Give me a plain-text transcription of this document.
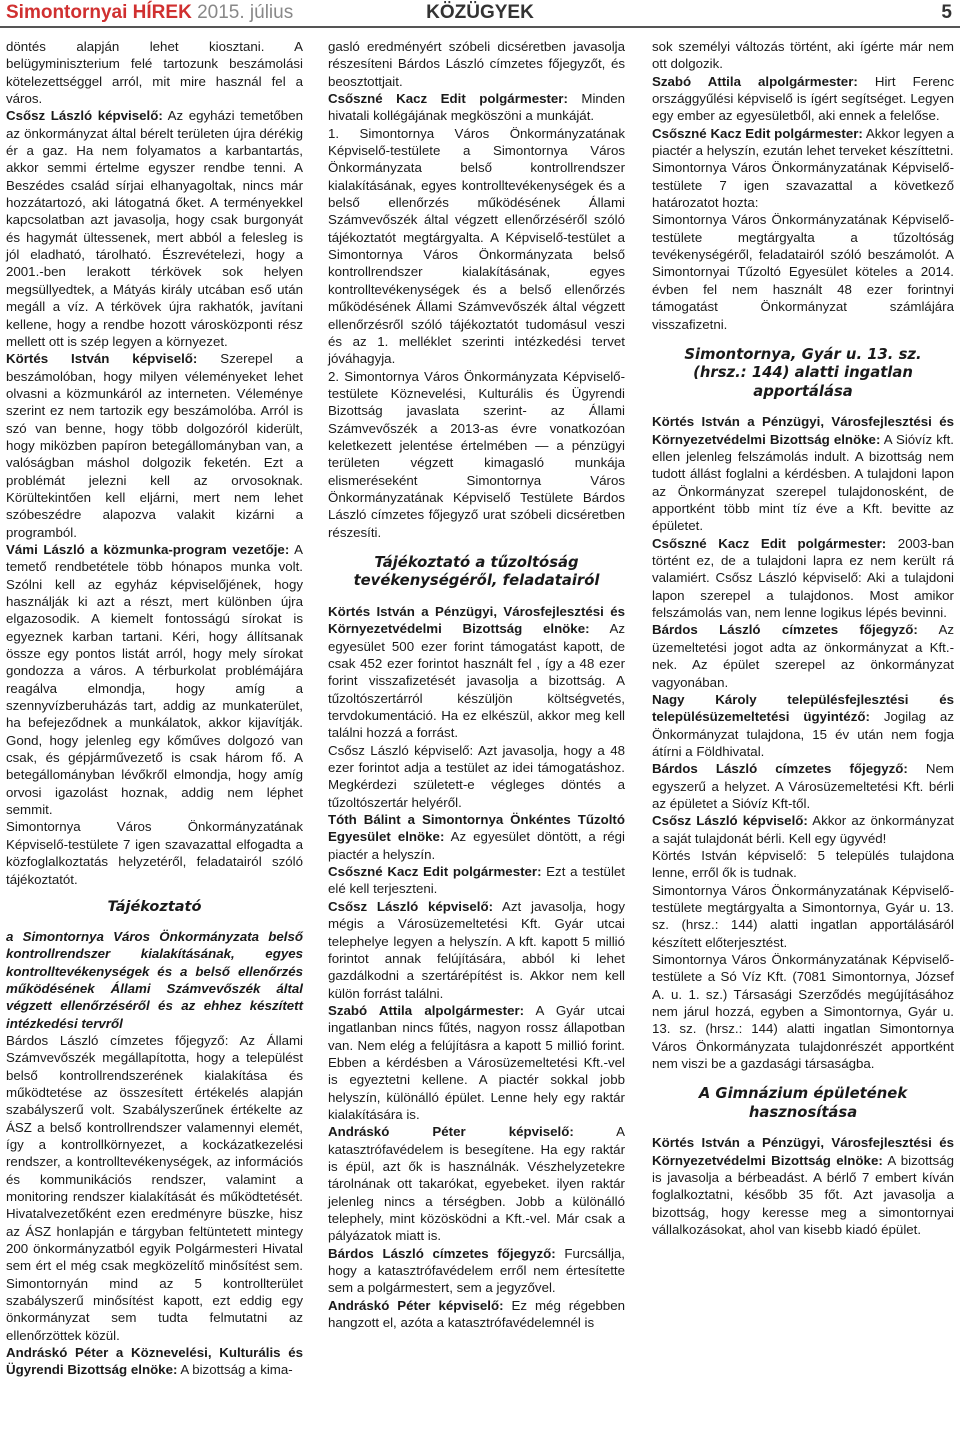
Simontornyai HÍREK 2015. július	KÖZÜGYEK	5

döntés alapján lehet kiosztani. A belügyminiszterium felé tartozunk beszámolási kötelezettséggel arról, mit mire használ fel a város.

Csősz László képviselő: Az egyházi temetőben az önkormányzat által bérelt területen újra dérékig ér a gaz. Ha nem folyamatos a karbantartás, akkor semmi értelme egyszer rendbe tenni. A Beszédes család sírjai elhanyagoltak, nincs már hozzátartozó, aki látogatná őket. A terményekkel kapcsolatban azt javasolja, hogy csak burgonyát és hagymát ültessenek, mert abból a felesleg is jól eladható, tárolható. Észrevételezi, hogy a 2001.-ben lerakott térkövek sok helyen megsüllyedtek, a Mátyás király utcában eső után megáll a víz. A térkövek újra rakhatók, javítani kellene, hogy a rendbe hozott városközponti rész mellett ott is szép legyen a környezet.

Körtés István képviselő: Szerepel a beszámolóban, hogy milyen véleményeket lehet olvasni a közmunkáról az interneten. Véleménye szerint ez nem tartozik egy beszámolóba. Arról is szó van benne, hogy több dolgozóról kiderült, hogy miközben papíron betegállományban van, a valóságban máshol dolgozik feketén. Ezt a problémát jelezni kell az orvosoknak. Körültekintően kell eljárni, mert nem lehet szóbeszédre alapozva valakit kizárni a programból.

Vámi László a közmunka-program vezetője: A temető rendbetétele több hónapos munka volt. Szólni kell az egyház képviselőjének, hogy használják ki azt a részt, mert különben újra elgazosodik. A kiemelt fontosságú sírokat is egyeznek karban tartani. Kéri, hogy állítsanak össze egy pontos listát arról, hogy mely sírokat gondozza a város. A térburkolat problémájára reagálva elmondja, hogy amíg a szennyvízberuházás tart, addig az munkaterület, ha befejeződnek a munkálatok, akkor kijavítják. Gond, hogy jelenleg egy kőműves dolgozó van csak, és gépjárművezető is csak három fő. A betegállományban lévőkről elmondja, hogy amíg orvosi igazolást hoznak, addig nem léphet semmit.

Simontornya Város Önkormányzatának Képviselő-testülete 7 igen szavazattal elfogadta a közfoglalkoztatás helyzetéről, feladatairól szóló tájékoztatót.

Tájékoztató

a Simontornya Város Önkormányzata belső kontrollrendszer kialakításának, egyes kontrolltevékenységek és a belső ellenőrzés működésének Állami Számvevőszék által végzett ellenőrzéséről és az ehhez készített intézkedési tervről

Bárdos László címzetes főjegyző: Az Állami Számvevőszék megállapította, hogy a települést belső kontrollrendszerének kialakítása és működtetése az összesített értékelés alapján szabályszerű volt. Szabályszerűnek értékelte az ÁSZ a belső kontrollrendszer valamennyi elemét, így a kontrollkörnyezet, a kockázatkezelési rendszer, a kontrolltevékenységek, az információs és kommunikációs rendszer, valamint a monitoring rendszer kialakítását és működtetését. Hivatalvezetőként ezen eredményre büszke, hisz az ÁSZ honlapján e tárgyban feltüntetett mintegy 200 önkormányzatból egyik Polgármesteri Hivatal sem ért el még csak megközelítő minősítést sem. Simontornyán mind az 5 kontrollterület szabályszerű minősítést kapott, ezt eddig egy önkormányzat sem tudta felmutatni az ellenőrzöttek közül.

Andráskó Péter a Köznevelési, Kulturális és Ügyrendi Bizottság elnöke: A bizottság a kima-

gasló eredményért szóbeli dicséretben javasolja részesíteni Bárdos László címzetes főjegyzőt, és beosztottjait.

Csőszné Kacz Edit polgármester: Minden hivatali kollégájának megköszöni a munkáját.

1. Simontornya Város Önkormányzatának Képviselő-testülete a Simontornya Város Önkormányzata belső kontrollrendszer kialakításának, egyes kontrolltevékenységek és a belső ellenőrzés működésének Állami Számvevőszék által végzett ellenőrzéséről szóló tájékoztatót megtárgyalta. A Képviselő-testület a Simontornya Város Önkormányzata belső kontrollrendszer kialakításának, egyes kontrolltevékenységek és a belső ellenőrzés működésének Állami Számvevőszék által végzett ellenőrzésről szóló tájékoztatót tudomásul veszi és az 1. melléklet szerinti intézkedési tervet jóváhagyja.

2. Simontornya Város Önkormányzata Képviselő-testülete Köznevelési, Kulturális és Ügyrendi Bizottság javaslata szerint- az Állami Számvevőszék a 2013-as évre vonatkozóan keletkezett jelentése értelmében — a pénzügyi területen végzett kimagasló munkája elismeréseként Simontornya Város Önkormányzatának Képviselő Testülete Bárdos László címzetes főjegyző urat szóbeli dicséretben részesíti.

Tájékoztató a tűzoltóság tevékenységéről, feladatairól

Körtés István a Pénzügyi, Városfejlesztési és Környezetvédelmi Bizottság elnöke: Az egyesület 500 ezer forint támogatást kapott, de csak 452 ezer forintot használt fel , így a 48 ezer forint visszafizetését javasolja a bizottság. A tűzoltószertárról készüljön költségvetés, tervdokumentáció. Ha ez elkészül, akkor meg kell találni hozzá a forrást.

Csősz László képviselő: Azt javasolja, hogy a 48 ezer forintot adja a testület az idei támogatáshoz. Megkérdezi született-e végleges döntés a tűzoltószertár helyéről.

Tóth Bálint a Simontornya Önkéntes Tűzoltó Egyesület elnöke: Az egyesület döntött, a régi piactér a helyszín.

Csőszné Kacz Edit polgármester: Ezt a testület elé kell terjeszteni.

Csősz László képviselő: Azt javasolja, hogy mégis a Városüzemeltetési Kft. Gyár utcai telephelye legyen a helyszín. A kft. kapott 5 millió forintot annak felújítására, abból ki lehet gazdálkodni a szertárépítést is. Akkor nem kell külön forrást találni.

Szabó Attila alpolgármester: A Gyár utcai ingatlanban nincs fűtés, nagyon rossz állapotban van. Nem elég a felújításra a kapott 5 millió forint. Ebben a kérdésben a Városüzemeltetési Kft.-vel is egyeztetni kellene. A piactér sokkal jobb helyszín, különálló épület. Lenne hely egy raktár kialakítására is.

Andráskó Péter képviselő: A katasztrófavédelem is besegítene. Ha egy raktár is épül, azt ők is használnák. Vészhelyzetekre tárolnának ott takarókat, egyebeket. ilyen raktár jelenleg nincs a térségben. Jobb a különálló telephely, mint közösködni a Kft.-vel. Már csak a pályázatok miatt is.

Bárdos László címzetes főjegyző: Furcsállja, hogy a katasztrófavédelem erről nem értesítette sem a polgármestert, sem a jegyzővel.

Andráskó Péter képviselő: Ez még régebben hangzott el, azóta a katasztrófavédelemnél is

sok személyi változás történt, aki ígérte már nem ott dolgozik.

Szabó Attila alpolgármester: Hirt Ferenc országgyűlési képviselő is ígért segítséget. Legyen egy ember az egyesületből, aki ennek a felelőse.

Csőszné Kacz Edit polgármester: Akkor legyen a piactér a helyszín, ezután lehet terveket készíttetni.

Simontornya Város Önkormányzatának Képviselő-testülete 7 igen szavazattal a következő határozatot hozta:

Simontornya Város Önkormányzatának Képviselő-testülete megtárgyalta a tűzoltóság tevékenységéről, feladatairól szóló beszámolót. A Simontornyai Tűzoltó Egyesület köteles a 2014. évben fel nem használt 48 ezer forintnyi támogatást Önkormányzat számlájára visszafizetni.

Simontornya, Gyár u. 13. sz. (hrsz.: 144) alatti ingatlan apportálása

Körtés István a Pénzügyi, Városfejlesztési és Környezetvédelmi Bizottság elnöke: A Sióvíz kft. ellen jelenleg felszámolás indult. A bizottság nem tudott állást foglalni a kérdésben. A tulajdoni lapon az Önkormányzat szerepel tulajdonosként, de apportként több mint tíz éve a Kft. bevitte az épületet.

Csőszné Kacz Edit polgármester: 2003-ban történt ez, de a tulajdoni lapra ez nem került rá valamiért. Csősz László képviselő: Aki a tulajdoni lapon szerepel a tulajdonos. Most amikor felszámolás van, nem lenne logikus lépés bevinni.

Bárdos László címzetes főjegyző: Az üzemeltetési jogot adta az önkormányzat a Kft.-nek. Az épület szerepel az önkormányzat vagyonában.

Nagy Károly településfejlesztési és településüzemeltetési ügyintéző: Jogilag az Önkormányzat tulajdona, 15 év után nem fogja átírni a Földhivatal.

Bárdos László címzetes főjegyző: Nem egyszerű a helyzet. A Városüzemeltetési Kft. bérli az épületet a Sióvíz Kft-től.

Csősz László képviselő: Akkor az önkormányzat a saját tulajdonát bérli. Kell egy ügyvéd!

Körtés István képviselő: 5 település tulajdona lenne, erről ők is tudnak.

Simontornya Város Önkormányzatának Képviselő-testülete megtárgyalta a Simontornya, Gyár u. 13. sz. (hrsz.: 144) alatti ingatlan apportálásáról készített előterjesztést.

Simontornya Város Önkormányzatának Képviselő-testülete a Só Víz Kft. (7081 Simontornya, József A. u. 1. sz.) Társasági Szerződés megújításához nem járul hozzá, egyben a Simontornya, Gyár u. 13. sz. (hrsz.: 144) alatti ingatlan Simontornya Város Önkormányzata tulajdonrészét apportként nem viszi be a gazdasági társaságba.

A Gimnázium épületének hasznosítása

Körtés István a Pénzügyi, Városfejlesztési és Környezetvédelmi Bizottság elnöke: A bizottság is javasolja a bérbeadást. A bérlő 7 embert kíván foglalkoztatni, később 35 főt. Azt javasolja a bizottság, hogy keresse meg a simontornyai vállalkozásokat, ahol van kisebb kiadó épület.
